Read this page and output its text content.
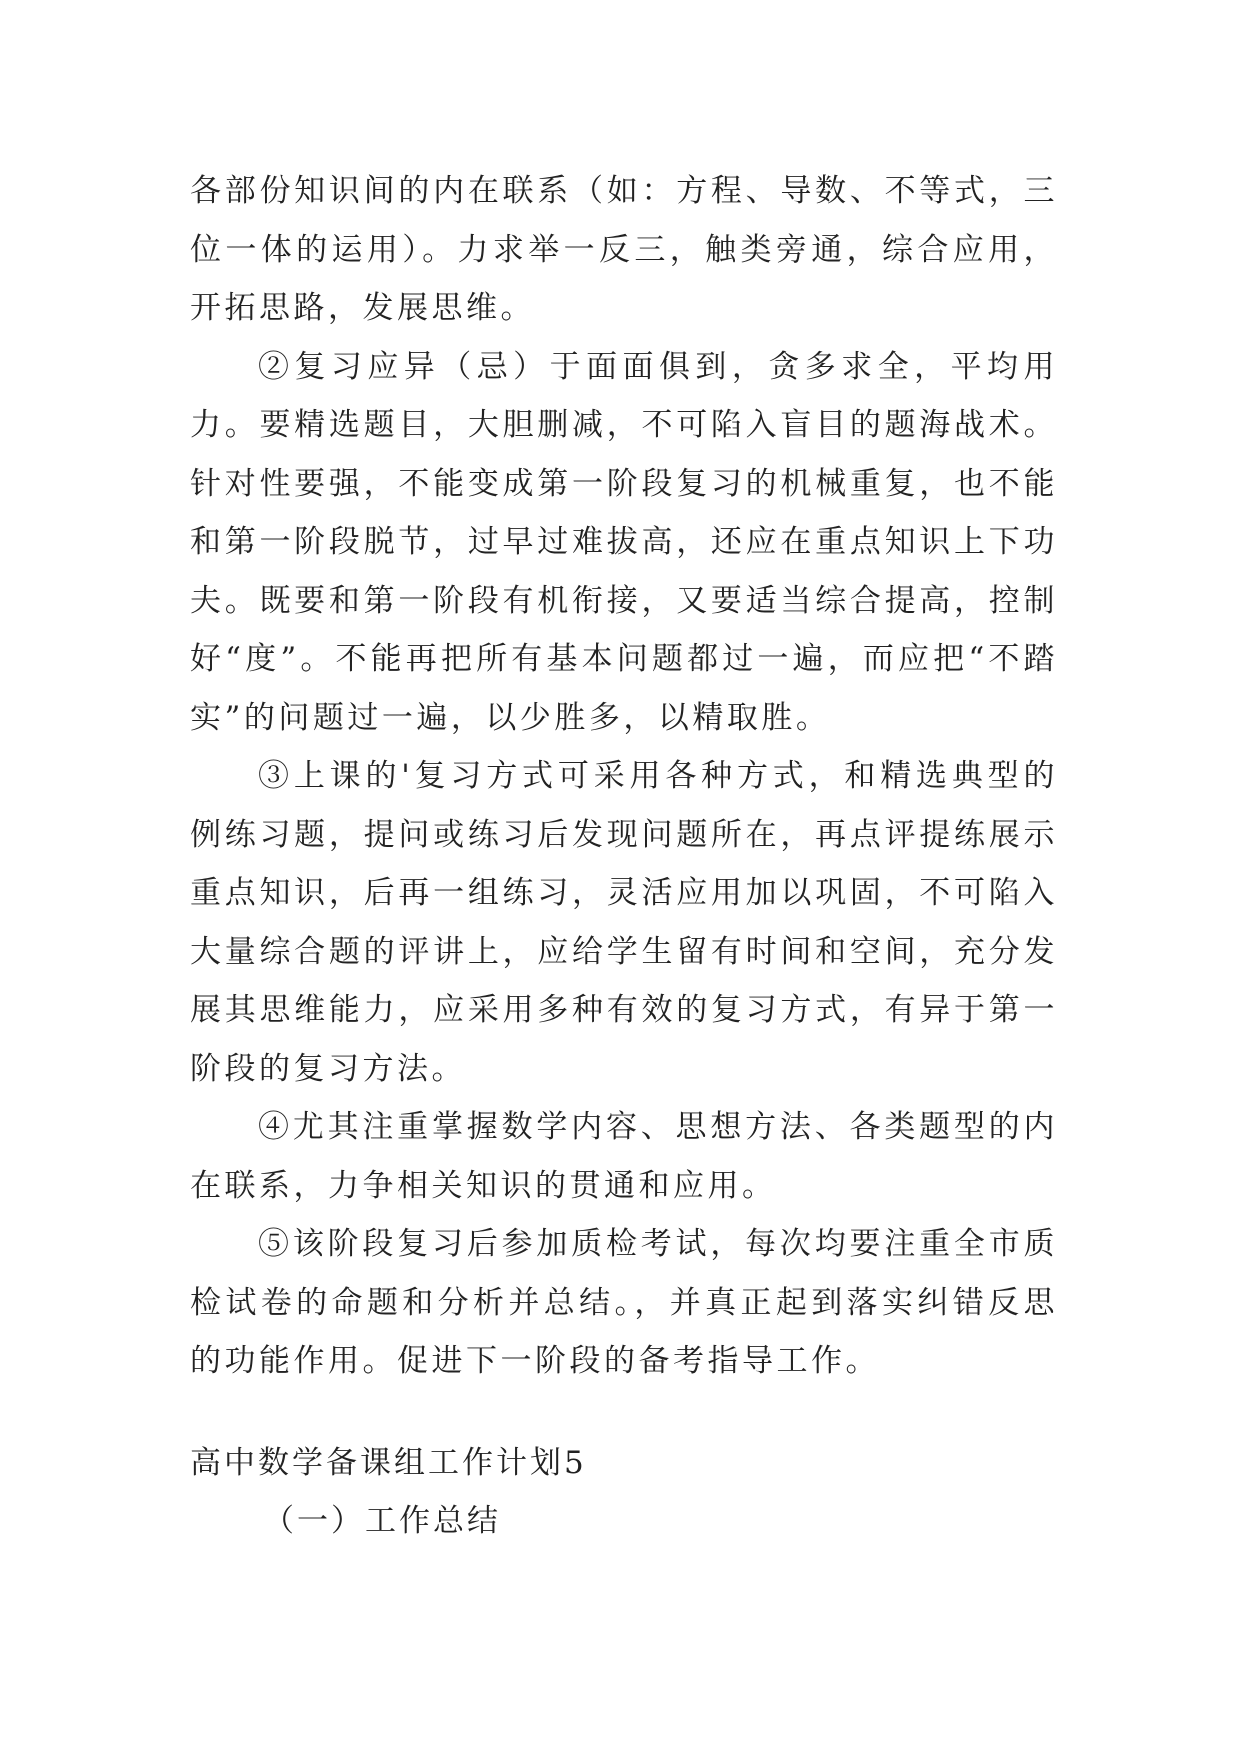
各部份知识间的内在联系（如：方程、导数、不等式，三位一体的运用）。力求举一反三，触类旁通，综合应用，开拓思路，发展思维。

②复习应异（忌）于面面俱到，贪多求全，平均用力。要精选题目，大胆删减，不可陷入盲目的题海战术。针对性要强，不能变成第一阶段复习的机械重复，也不能和第一阶段脱节，过早过难拔高，还应在重点知识上下功夫。既要和第一阶段有机衔接，又要适当综合提高，控制好“度”。不能再把所有基本问题都过一遍，而应把“不踏实”的问题过一遍，以少胜多，以精取胜。

③上课的'复习方式可采用各种方式，和精选典型的例练习题，提问或练习后发现问题所在，再点评提练展示重点知识，后再一组练习，灵活应用加以巩固，不可陷入大量综合题的评讲上，应给学生留有时间和空间，充分发展其思维能力，应采用多种有效的复习方式，有异于第一阶段的复习方法。

④尤其注重掌握数学内容、思想方法、各类题型的内在联系，力争相关知识的贯通和应用。

⑤该阶段复习后参加质检考试，每次均要注重全市质检试卷的命题和分析并总结。，并真正起到落实纠错反思的功能作用。促进下一阶段的备考指导工作。

高中数学备课组工作计划5

（一）工作总结
